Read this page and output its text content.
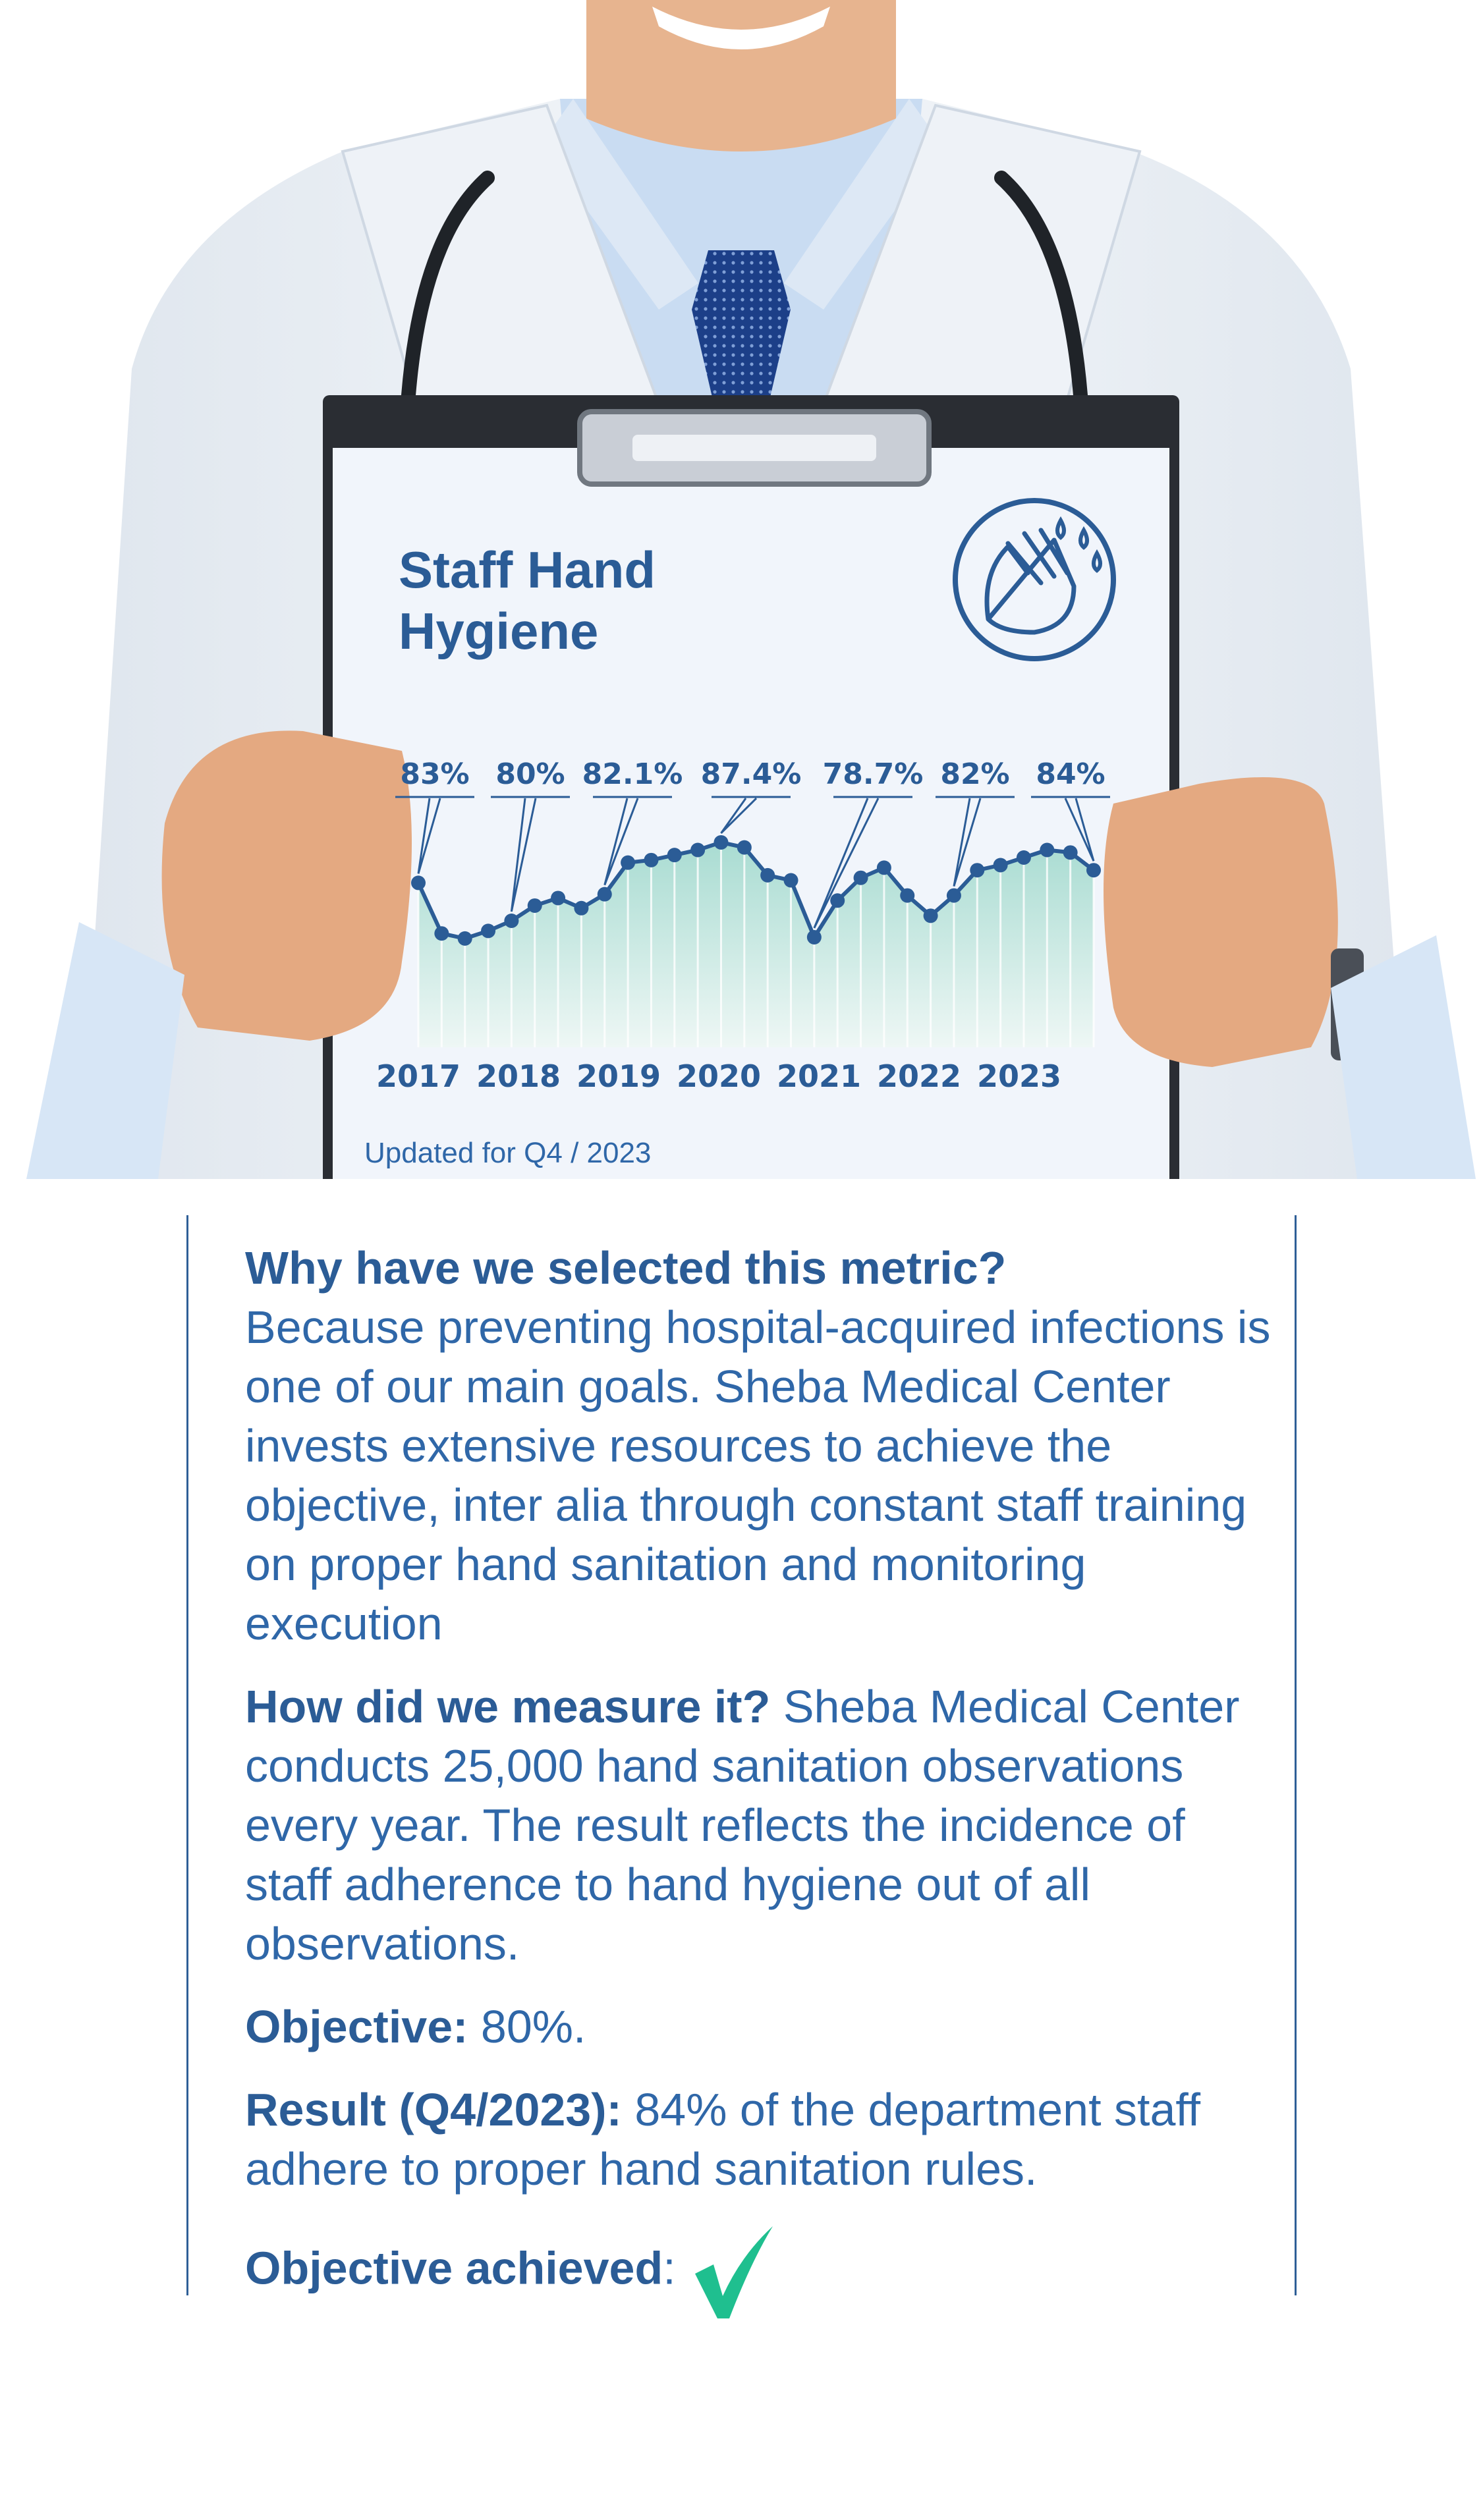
Staff Hand
Hygiene
83% 80% 82.1% 87.4% 78.7% 82% 84%
2017 2018 2019 2020 2021 2022 2023
Updated for Q4 / 2023

Why have we selected this metric?
Because preventing hospital-acquired infections is one of our main goals. Sheba Medical Center invests extensive resources to achieve the objective, inter alia through constant staff training on proper hand sanitation and monitoring execution

How did we measure it? Sheba Medical Center conducts 25,000 hand sanitation observations every year. The result reflects the incidence of staff adherence to hand hygiene out of all observations.

Objective: 80%.

Result (Q4/2023): 84% of the department staff adhere to proper hand sanitation rules.

Objective achieved:
